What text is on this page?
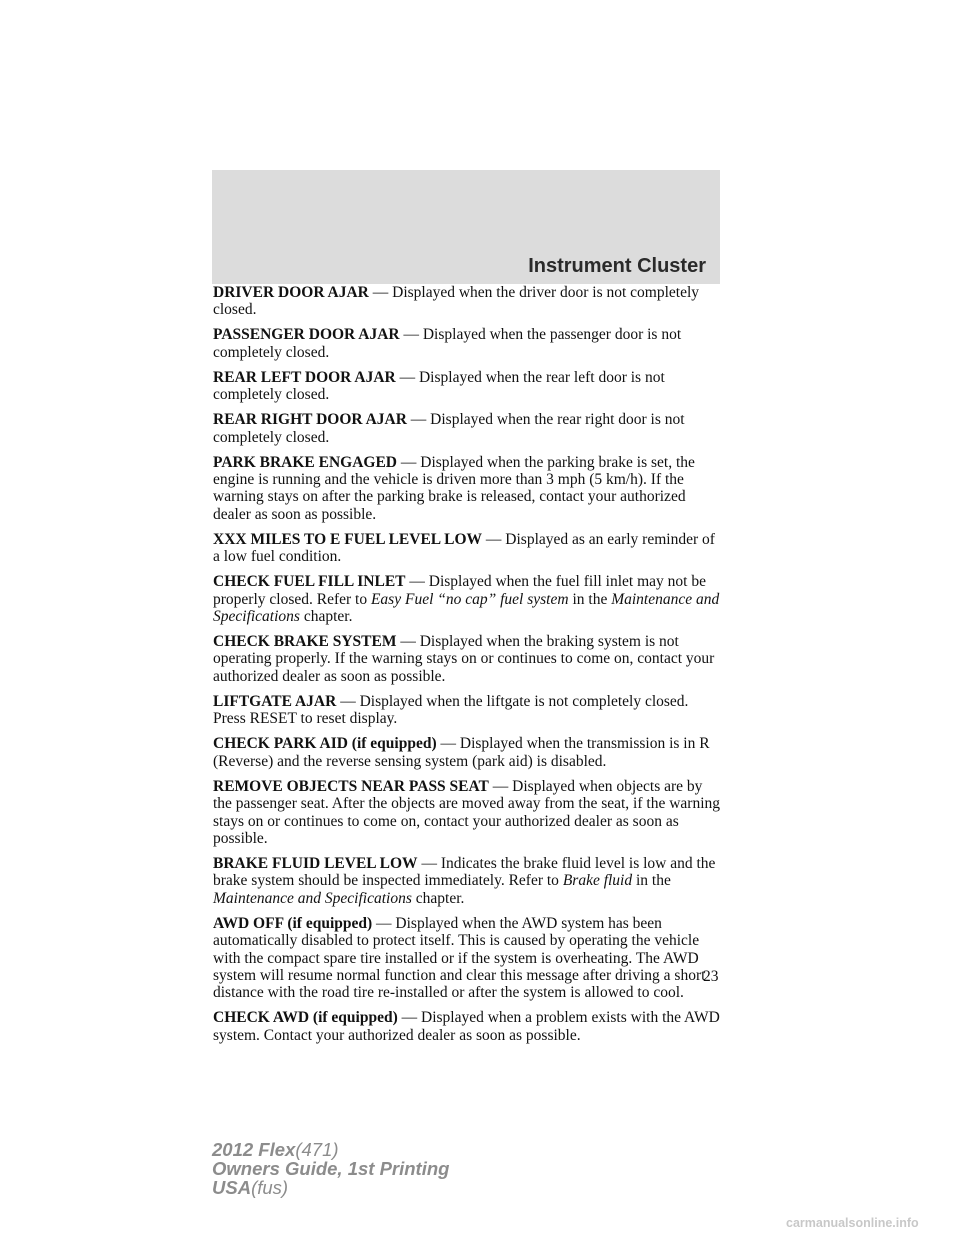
Instrument Cluster

DRIVER DOOR AJAR — Displayed when the driver door is not completely closed.

PASSENGER DOOR AJAR — Displayed when the passenger door is not completely closed.

REAR LEFT DOOR AJAR — Displayed when the rear left door is not completely closed.

REAR RIGHT DOOR AJAR — Displayed when the rear right door is not completely closed.

PARK BRAKE ENGAGED — Displayed when the parking brake is set, the engine is running and the vehicle is driven more than 3 mph (5 km/h). If the warning stays on after the parking brake is released, contact your authorized dealer as soon as possible.

XXX MILES TO E FUEL LEVEL LOW — Displayed as an early reminder of a low fuel condition.

CHECK FUEL FILL INLET — Displayed when the fuel fill inlet may not be properly closed. Refer to Easy Fuel “no cap” fuel system in the Maintenance and Specifications chapter.

CHECK BRAKE SYSTEM — Displayed when the braking system is not operating properly. If the warning stays on or continues to come on, contact your authorized dealer as soon as possible.

LIFTGATE AJAR — Displayed when the liftgate is not completely closed. Press RESET to reset display.

CHECK PARK AID (if equipped) — Displayed when the transmission is in R (Reverse) and the reverse sensing system (park aid) is disabled.

REMOVE OBJECTS NEAR PASS SEAT — Displayed when objects are by the passenger seat. After the objects are moved away from the seat, if the warning stays on or continues to come on, contact your authorized dealer as soon as possible.

BRAKE FLUID LEVEL LOW — Indicates the brake fluid level is low and the brake system should be inspected immediately. Refer to Brake fluid in the Maintenance and Specifications chapter.

AWD OFF (if equipped) — Displayed when the AWD system has been automatically disabled to protect itself. This is caused by operating the vehicle with the compact spare tire installed or if the system is overheating. The AWD system will resume normal function and clear this message after driving a short distance with the road tire re-installed or after the system is allowed to cool.

CHECK AWD (if equipped) — Displayed when a problem exists with the AWD system. Contact your authorized dealer as soon as possible.

23
2012 Flex(471)
Owners Guide, 1st Printing
USA(fus)
carmanualsonline.info
